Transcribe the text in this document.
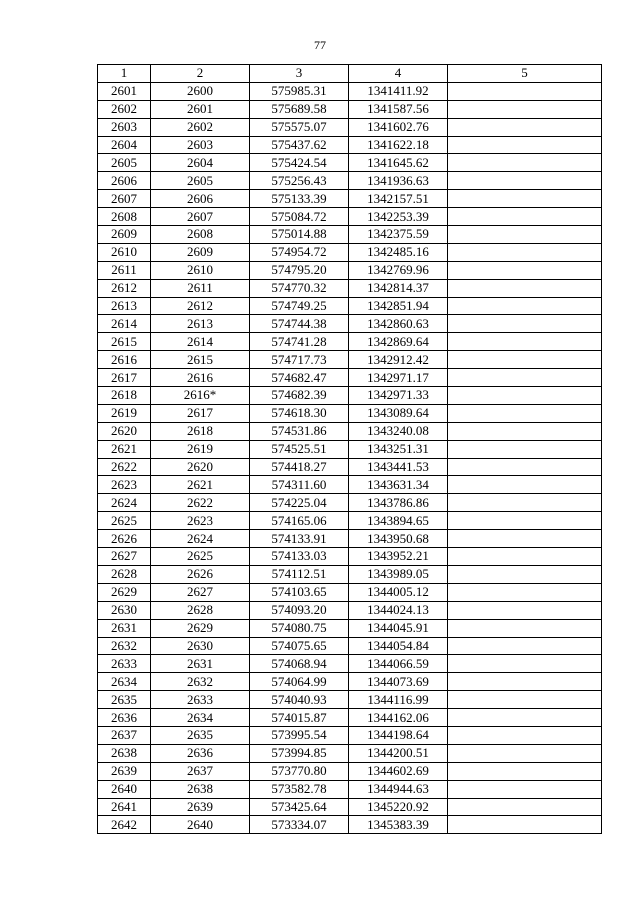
77
1	2	3	4	5
2601	2600	575985.31	1341411.92	
2602	2601	575689.58	1341587.56	
2603	2602	575575.07	1341602.76	
2604	2603	575437.62	1341622.18	
2605	2604	575424.54	1341645.62	
2606	2605	575256.43	1341936.63	
2607	2606	575133.39	1342157.51	
2608	2607	575084.72	1342253.39	
2609	2608	575014.88	1342375.59	
2610	2609	574954.72	1342485.16	
2611	2610	574795.20	1342769.96	
2612	2611	574770.32	1342814.37	
2613	2612	574749.25	1342851.94	
2614	2613	574744.38	1342860.63	
2615	2614	574741.28	1342869.64	
2616	2615	574717.73	1342912.42	
2617	2616	574682.47	1342971.17	
2618	2616*	574682.39	1342971.33	
2619	2617	574618.30	1343089.64	
2620	2618	574531.86	1343240.08	
2621	2619	574525.51	1343251.31	
2622	2620	574418.27	1343441.53	
2623	2621	574311.60	1343631.34	
2624	2622	574225.04	1343786.86	
2625	2623	574165.06	1343894.65	
2626	2624	574133.91	1343950.68	
2627	2625	574133.03	1343952.21	
2628	2626	574112.51	1343989.05	
2629	2627	574103.65	1344005.12	
2630	2628	574093.20	1344024.13	
2631	2629	574080.75	1344045.91	
2632	2630	574075.65	1344054.84	
2633	2631	574068.94	1344066.59	
2634	2632	574064.99	1344073.69	
2635	2633	574040.93	1344116.99	
2636	2634	574015.87	1344162.06	
2637	2635	573995.54	1344198.64	
2638	2636	573994.85	1344200.51	
2639	2637	573770.80	1344602.69	
2640	2638	573582.78	1344944.63	
2641	2639	573425.64	1345220.92	
2642	2640	573334.07	1345383.39	
